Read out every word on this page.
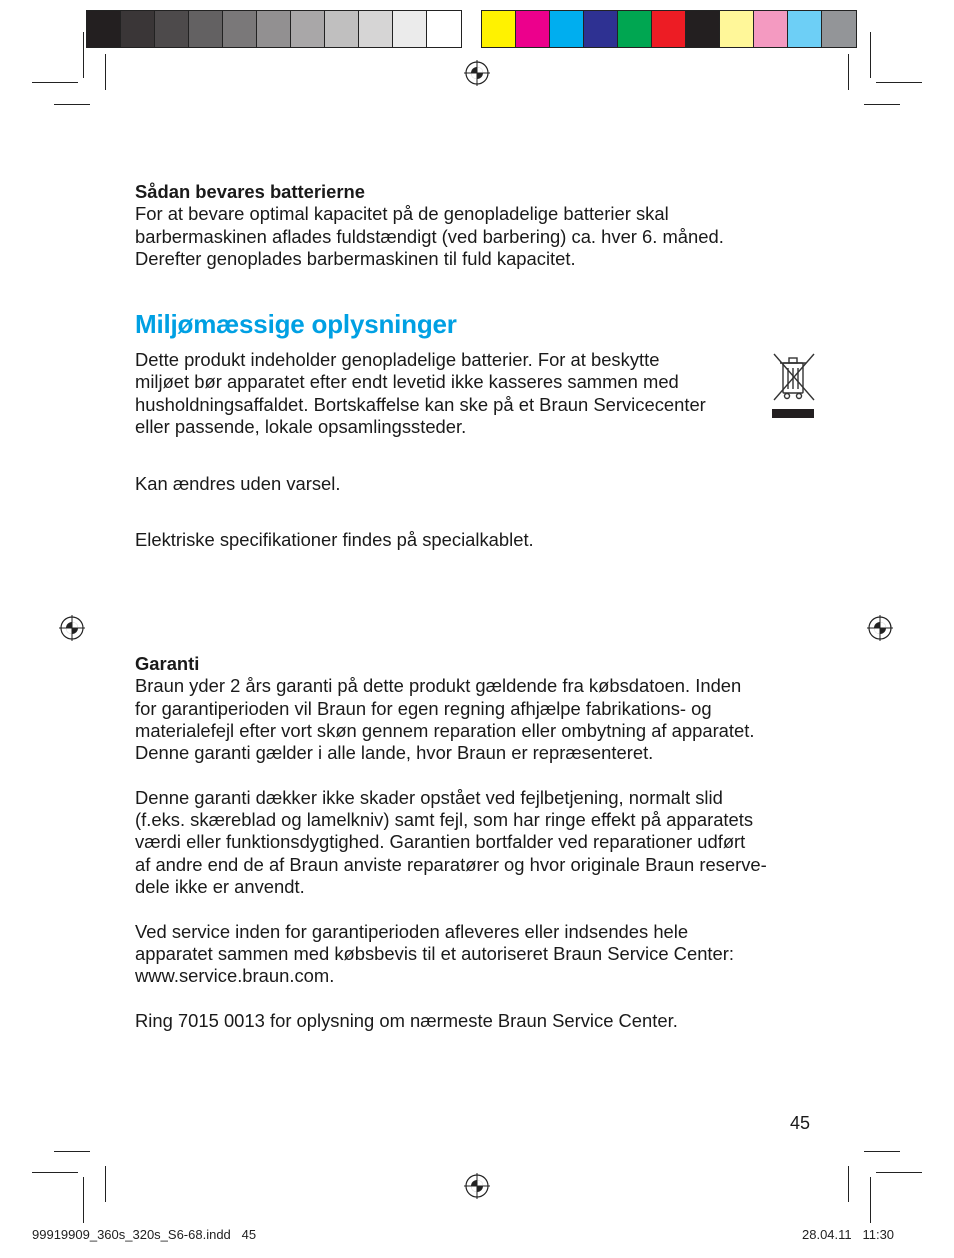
Sådan bevares batterierne

For at bevare optimal kapacitet på de genopladelige batterier skal
barbermaskinen aflades fuldstændigt (ved barbering) ca. hver 6. måned.
Derefter genoplades barbermaskinen til fuld kapacitet.

Miljømæssige oplysninger

Dette produkt indeholder genopladelige batterier. For at beskytte
miljøet bør apparatet efter endt levetid ikke kasseres sammen med
husholdningsaffaldet. Bortskaffelse kan ske på et Braun Servicecenter
eller passende, lokale opsamlingssteder.

Kan ændres uden varsel.

Elektriske specifikationer findes på specialkablet.

Garanti

Braun yder 2 års garanti på dette produkt gældende fra købsdatoen. Inden
for garantiperioden vil Braun for egen regning afhjælpe fabrikations- og
materialefejl efter vort skøn gennem reparation eller ombytning af apparatet.
Denne garanti gælder i alle lande, hvor Braun er repræsenteret.

Denne garanti dækker ikke skader opstået ved fejlbetjening, normalt slid
(f.eks. skæreblad og lamelkniv) samt fejl, som har ringe effekt på apparatets
værdi eller funktionsdygtighed. Garantien bortfalder ved reparationer udført
af andre end de af Braun anviste reparatører og hvor originale Braun reserve-
dele ikke er anvendt.

Ved service inden for garantiperioden afleveres eller indsendes hele
apparatet sammen med købsbevis til et autoriseret Braun Service Center:
www.service.braun.com.

Ring 7015 0013 for oplysning om nærmeste Braun Service Center.

45
99919909_360s_320s_S6-68.indd   45	28.04.11   11:30
